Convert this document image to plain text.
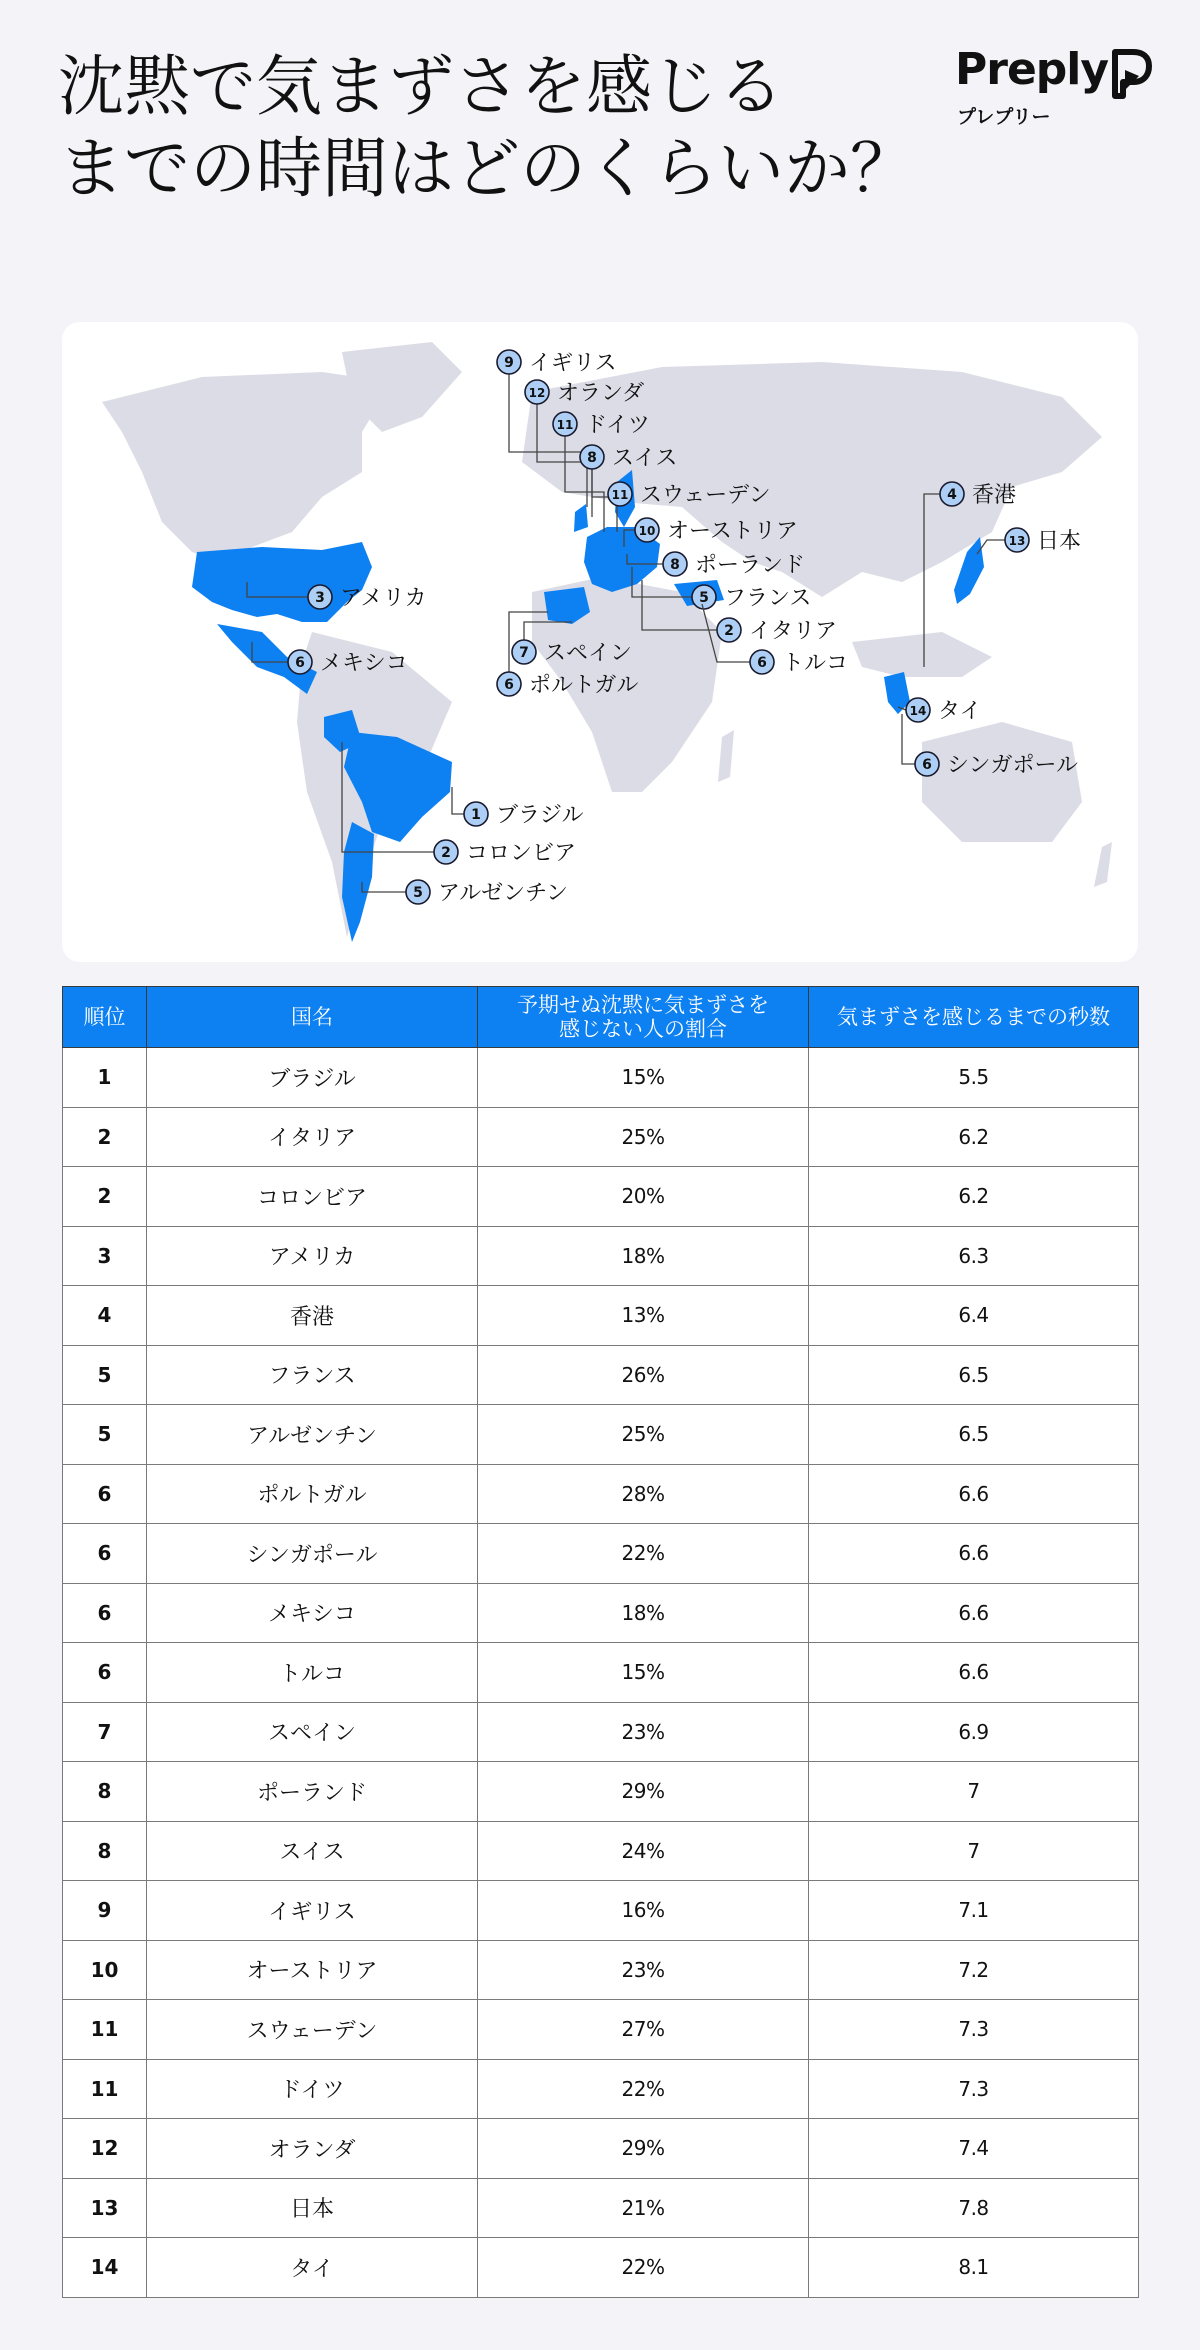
沈黙で気まずさを感じる
までの時間はどのくらいか？
Preply
プレプリー
9 イギリス
12 オランダ
11 ドイツ
8 スイス
11 スウェーデン
10 オーストリア
8 ポーランド
5 フランス
2 イタリア
7 スペイン	6 トルコ
6 ポルトガル
3 アメリカ
6 メキシコ
1 ブラジル
2 コロンビア
5 アルゼンチン
4 香港
13 日本
14 タイ
6 シンガポール
順位	国名	予期せぬ沈黙に気まずさを
感じない人の割合	気まずさを感じるまでの秒数
1	ブラジル	15%	5.5
2	イタリア	25%	6.2
2	コロンビア	20%	6.2
3	アメリカ	18%	6.3
4	香港	13%	6.4
5	フランス	26%	6.5
5	アルゼンチン	25%	6.5
6	ポルトガル	28%	6.6
6	シンガポール	22%	6.6
6	メキシコ	18%	6.6
6	トルコ	15%	6.6
7	スペイン	23%	6.9
8	ポーランド	29%	7
8	スイス	24%	7
9	イギリス	16%	7.1
10	オーストリア	23%	7.2
11	スウェーデン	27%	7.3
11	ドイツ	22%	7.3
12	オランダ	29%	7.4
13	日本	21%	7.8
14	タイ	22%	8.1
